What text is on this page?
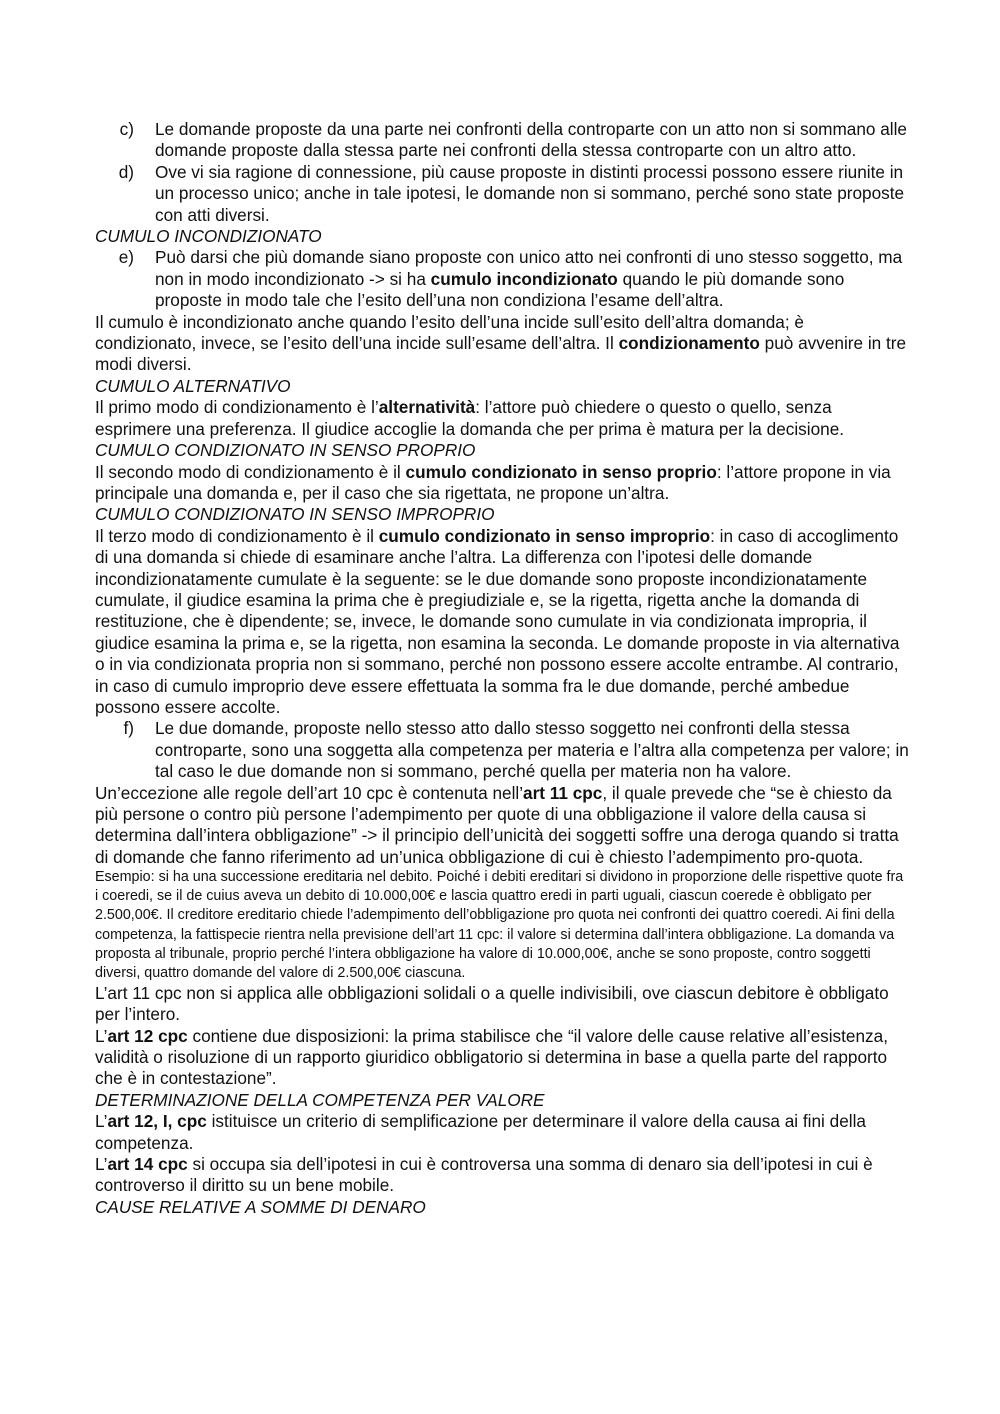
c)	Le domande proposte da una parte nei confronti della controparte con un atto non si sommano alle domande proposte dalla stessa parte nei confronti della stessa controparte con un altro atto.
d)	Ove vi sia ragione di connessione, più cause proposte in distinti processi possono essere riunite in un processo unico; anche in tale ipotesi, le domande non si sommano, perché sono state proposte con atti diversi.
CUMULO INCONDIZIONATO
e)	Può darsi che più domande siano proposte con unico atto nei confronti di uno stesso soggetto, ma non in modo incondizionato -> si ha cumulo incondizionato quando le più domande sono proposte in modo tale che l’esito dell’una non condiziona l’esame dell’altra.

Il cumulo è incondizionato anche quando l’esito dell’una incide sull’esito dell’altra domanda; è condizionato, invece, se l’esito dell’una incide sull’esame dell’altra. Il condizionamento può avvenire in tre modi diversi.

CUMULO ALTERNATIVO

Il primo modo di condizionamento è l’alternatività: l’attore può chiedere o questo o quello, senza esprimere una preferenza. Il giudice accoglie la domanda che per prima è matura per la decisione.

CUMULO CONDIZIONATO IN SENSO PROPRIO

Il secondo modo di condizionamento è il cumulo condizionato in senso proprio: l’attore propone in via principale una domanda e, per il caso che sia rigettata, ne propone un’altra.

CUMULO CONDIZIONATO IN SENSO IMPROPRIO

Il terzo modo di condizionamento è il cumulo condizionato in senso improprio: in caso di accoglimento di una domanda si chiede di esaminare anche l’altra. La differenza con l’ipotesi delle domande incondizionatamente cumulate è la seguente: se le due domande sono proposte incondizionatamente cumulate, il giudice esamina la prima che è pregiudiziale e, se la rigetta, rigetta anche la domanda di restituzione, che è dipendente; se, invece, le domande sono cumulate in via condizionata impropria, il giudice esamina la prima e, se la rigetta, non esamina la seconda. Le domande proposte in via alternativa o in via condizionata propria non si sommano, perché non possono essere accolte entrambe. Al contrario, in caso di cumulo improprio deve essere effettuata la somma fra le due domande, perché ambedue possono essere accolte.

f)	Le due domande, proposte nello stesso atto dallo stesso soggetto nei confronti della stessa controparte, sono una soggetta alla competenza per materia e l’altra alla competenza per valore; in tal caso le due domande non si sommano, perché quella per materia non ha valore.

Un’eccezione alle regole dell’art 10 cpc è contenuta nell’art 11 cpc, il quale prevede che “se è chiesto da più persone o contro più persone l’adempimento per quote di una obbligazione il valore della causa si determina dall’intera obbligazione” -> il principio dell’unicità dei soggetti soffre una deroga quando si tratta di domande che fanno riferimento ad un’unica obbligazione di cui è chiesto l’adempimento pro-quota.

Esempio: si ha una successione ereditaria nel debito. Poiché i debiti ereditari si dividono in proporzione delle rispettive quote fra i coeredi, se il de cuius aveva un debito di 10.000,00€ e lascia quattro eredi in parti uguali, ciascun coerede è obbligato per 2.500,00€. Il creditore ereditario chiede l’adempimento dell’obbligazione pro quota nei confronti dei quattro coeredi. Ai fini della competenza, la fattispecie rientra nella previsione dell’art 11 cpc: il valore si determina dall’intera obbligazione. La domanda va proposta al tribunale, proprio perché l’intera obbligazione ha valore di 10.000,00€, anche se sono proposte, contro soggetti diversi, quattro domande del valore di 2.500,00€ ciascuna.

L’art 11 cpc non si applica alle obbligazioni solidali o a quelle indivisibili, ove ciascun debitore è obbligato per l’intero.

L’art 12 cpc contiene due disposizioni: la prima stabilisce che “il valore delle cause relative all’esistenza, validità o risoluzione di un rapporto giuridico obbligatorio si determina in base a quella parte del rapporto che è in contestazione”.

DETERMINAZIONE DELLA COMPETENZA PER VALORE

L’art 12, I, cpc istituisce un criterio di semplificazione per determinare il valore della causa ai fini della competenza.

L’art 14 cpc si occupa sia dell’ipotesi in cui è controversa una somma di denaro sia dell’ipotesi in cui è controverso il diritto su un bene mobile.

CAUSE RELATIVE A SOMME DI DENARO
